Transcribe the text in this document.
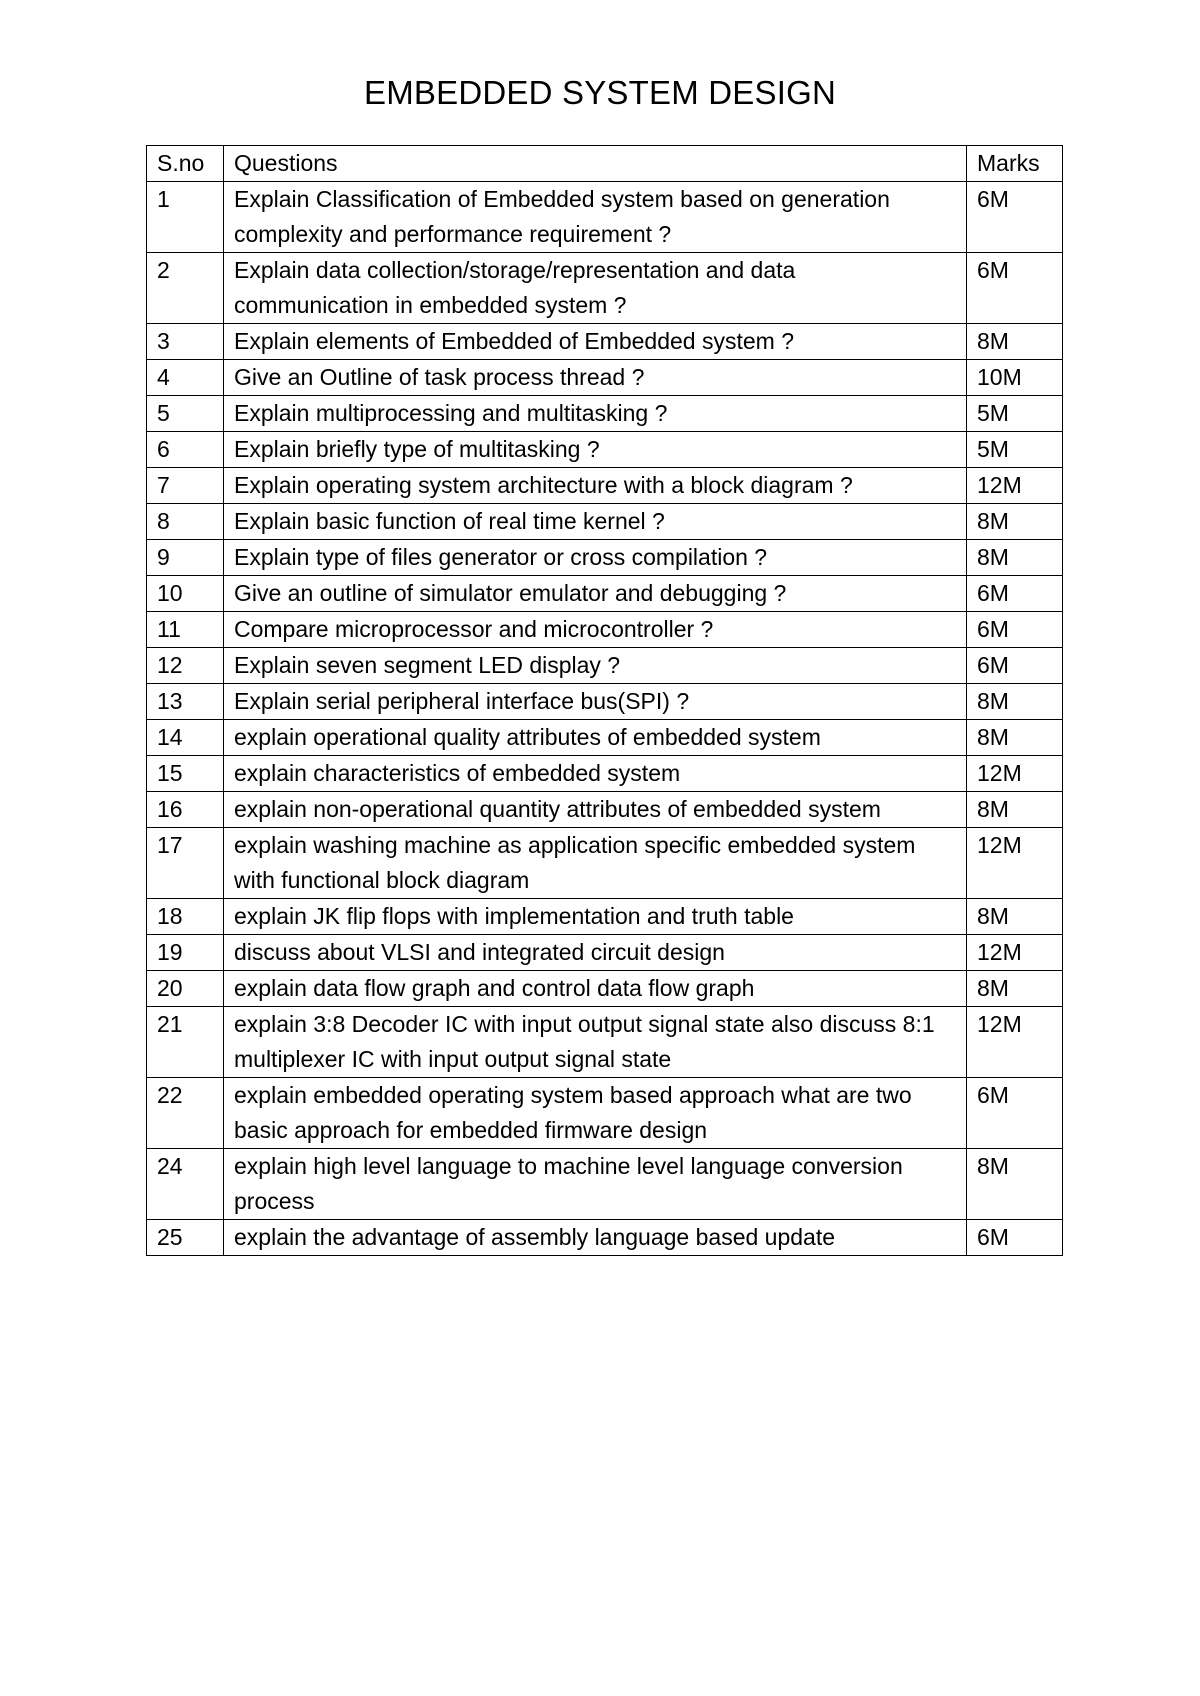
EMBEDDED SYSTEM DESIGN
S.no	Questions	Marks
1	Explain Classification of Embedded system based on generation complexity and performance requirement ?	6M
2	Explain data collection/storage/representation and data communication in embedded system ?	6M
3	Explain elements of Embedded of Embedded system ?	8M
4	Give an Outline of task process thread ?	10M
5	Explain multiprocessing and multitasking ?	5M
6	Explain briefly type of multitasking ?	5M
7	Explain operating system architecture with a block diagram ?	12M
8	Explain basic function of real time kernel ?	8M
9	Explain type of files generator or cross compilation ?	8M
10	Give an outline of simulator emulator and debugging ?	6M
11	Compare microprocessor and microcontroller ?	6M
12	Explain seven segment LED display ?	6M
13	Explain serial peripheral interface bus(SPI) ?	8M
14	explain operational quality attributes of embedded system	8M
15	explain characteristics of embedded system	12M
16	explain non-operational quantity attributes of embedded system	8M
17	explain washing machine as application specific embedded system with functional block diagram	12M
18	explain JK flip flops with implementation and truth table	8M
19	discuss about VLSI and integrated circuit design	12M
20	explain data flow graph and control data flow graph	8M
21	explain 3:8 Decoder IC with input output signal state also discuss 8:1 multiplexer IC with input output signal state	12M
22	explain embedded operating system based approach what are two basic approach for embedded firmware design	6M
24	explain high level language to machine level language conversion process	8M
25	explain the advantage of assembly language based update	6M
